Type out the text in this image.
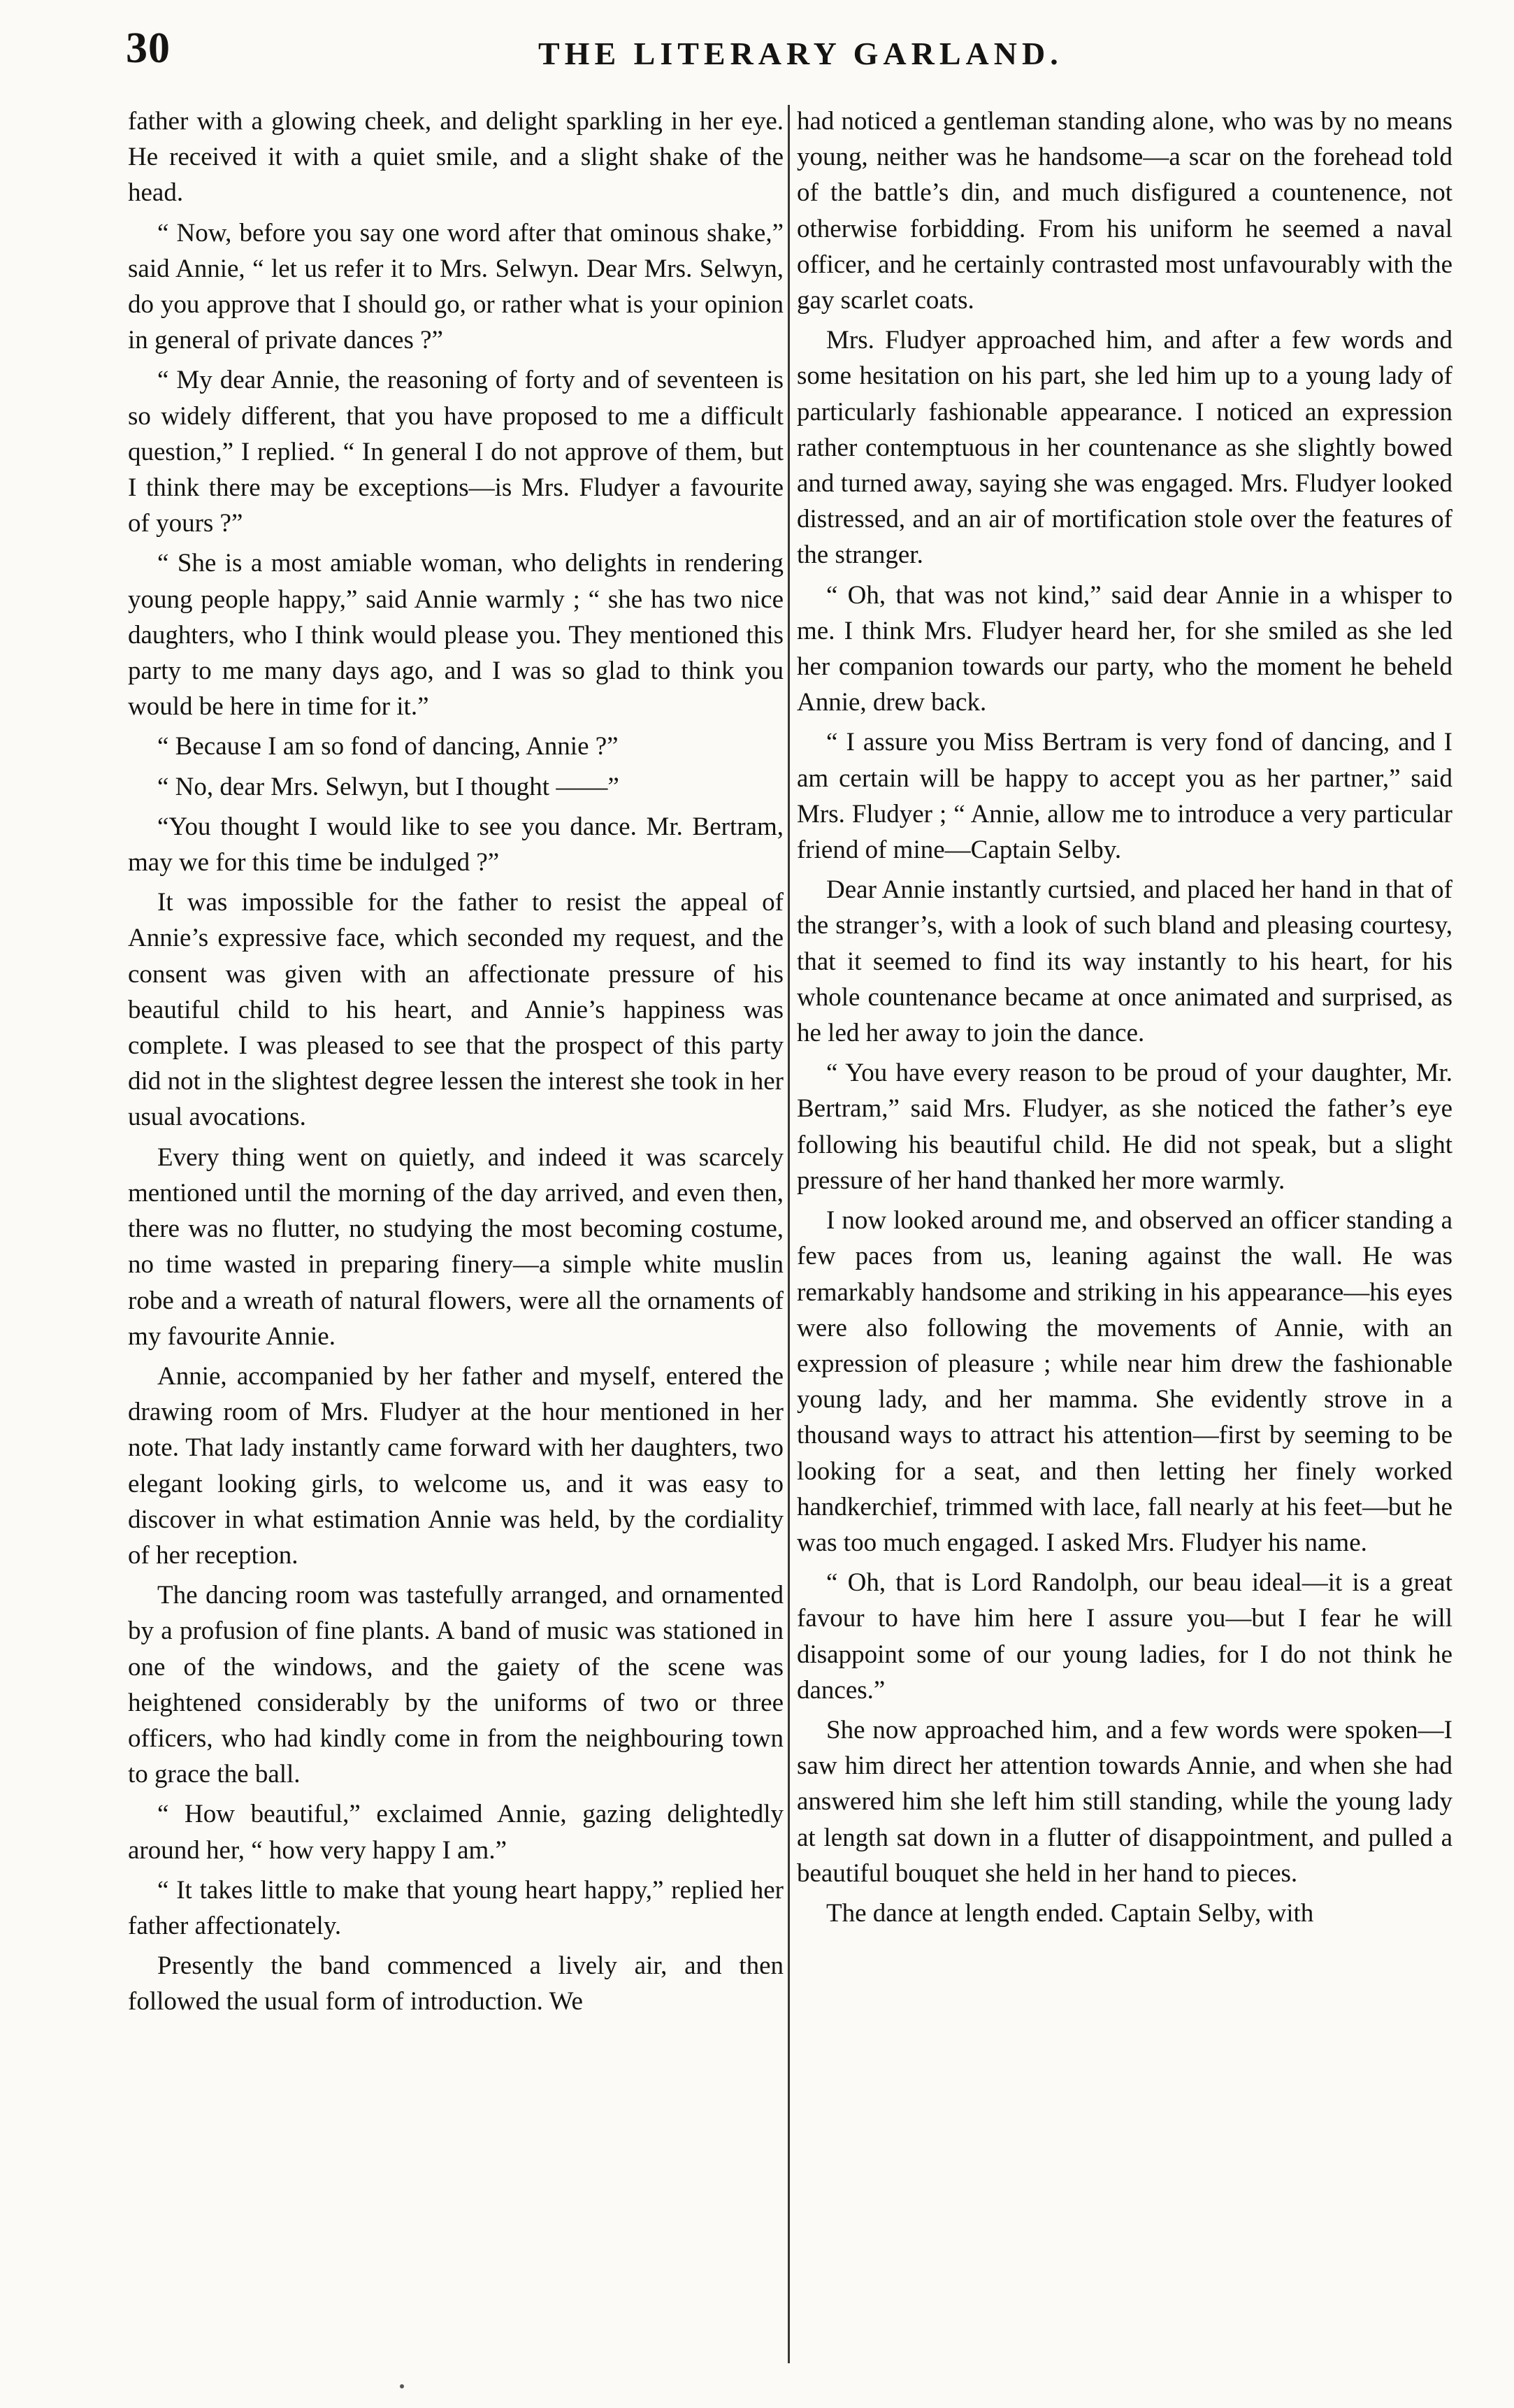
30	THE LITERARY GARLAND.

father with a glowing cheek, and delight sparkling in her eye. He received it with a quiet smile, and a slight shake of the head.

“ Now, before you say one word after that ominous shake,” said Annie, “ let us refer it to Mrs. Selwyn. Dear Mrs. Selwyn, do you approve that I should go, or rather what is your opinion in general of private dances ?”

“ My dear Annie, the reasoning of forty and of seventeen is so widely different, that you have proposed to me a difficult question,” I replied. “ In general I do not approve of them, but I think there may be exceptions—is Mrs. Fludyer a favourite of yours ?”

“ She is a most amiable woman, who delights in rendering young people happy,” said Annie warmly ; “ she has two nice daughters, who I think would please you. They mentioned this party to me many days ago, and I was so glad to think you would be here in time for it.”

“ Because I am so fond of dancing, Annie ?”

“ No, dear Mrs. Selwyn, but I thought ——”

“You thought I would like to see you dance. Mr. Bertram, may we for this time be indulged ?”

It was impossible for the father to resist the appeal of Annie’s expressive face, which seconded my request, and the consent was given with an affectionate pressure of his beautiful child to his heart, and Annie’s happiness was complete. I was pleased to see that the prospect of this party did not in the slightest degree lessen the interest she took in her usual avocations.

Every thing went on quietly, and indeed it was scarcely mentioned until the morning of the day arrived, and even then, there was no flutter, no studying the most becoming costume, no time wasted in preparing finery—a simple white muslin robe and a wreath of natural flowers, were all the ornaments of my favourite Annie.

Annie, accompanied by her father and myself, entered the drawing room of Mrs. Fludyer at the hour mentioned in her note. That lady instantly came forward with her daughters, two elegant looking girls, to welcome us, and it was easy to discover in what estimation Annie was held, by the cordiality of her reception.

The dancing room was tastefully arranged, and ornamented by a profusion of fine plants. A band of music was stationed in one of the windows, and the gaiety of the scene was heightened considerably by the uniforms of two or three officers, who had kindly come in from the neighbouring town to grace the ball.

“ How beautiful,” exclaimed Annie, gazing delightedly around her, “ how very happy I am.”

“ It takes little to make that young heart happy,” replied her father affectionately.

Presently the band commenced a lively air, and then followed the usual form of introduction. We

had noticed a gentleman standing alone, who was by no means young, neither was he handsome—a scar on the forehead told of the battle’s din, and much disfigured a countenence, not otherwise forbidding. From his uniform he seemed a naval officer, and he certainly contrasted most unfavourably with the gay scarlet coats.

Mrs. Fludyer approached him, and after a few words and some hesitation on his part, she led him up to a young lady of particularly fashionable appearance. I noticed an expression rather contemptuous in her countenance as she slightly bowed and turned away, saying she was engaged. Mrs. Fludyer looked distressed, and an air of mortification stole over the features of the stranger.

“ Oh, that was not kind,” said dear Annie in a whisper to me. I think Mrs. Fludyer heard her, for she smiled as she led her companion towards our party, who the moment he beheld Annie, drew back.

“ I assure you Miss Bertram is very fond of dancing, and I am certain will be happy to accept you as her partner,” said Mrs. Fludyer ; “ Annie, allow me to introduce a very particular friend of mine—Captain Selby.

Dear Annie instantly curtsied, and placed her hand in that of the stranger’s, with a look of such bland and pleasing courtesy, that it seemed to find its way instantly to his heart, for his whole countenance became at once animated and surprised, as he led her away to join the dance.

“ You have every reason to be proud of your daughter, Mr. Bertram,” said Mrs. Fludyer, as she noticed the father’s eye following his beautiful child. He did not speak, but a slight pressure of her hand thanked her more warmly.

I now looked around me, and observed an officer standing a few paces from us, leaning against the wall. He was remarkably handsome and striking in his appearance—his eyes were also following the movements of Annie, with an expression of pleasure ; while near him drew the fashionable young lady, and her mamma. She evidently strove in a thousand ways to attract his attention—first by seeming to be looking for a seat, and then letting her finely worked handkerchief, trimmed with lace, fall nearly at his feet—but he was too much engaged. I asked Mrs. Fludyer his name.

“ Oh, that is Lord Randolph, our beau ideal—it is a great favour to have him here I assure you—but I fear he will disappoint some of our young ladies, for I do not think he dances.”

She now approached him, and a few words were spoken—I saw him direct her attention towards Annie, and when she had answered him she left him still standing, while the young lady at length sat down in a flutter of disappointment, and pulled a beautiful bouquet she held in her hand to pieces.

The dance at length ended. Captain Selby, with
